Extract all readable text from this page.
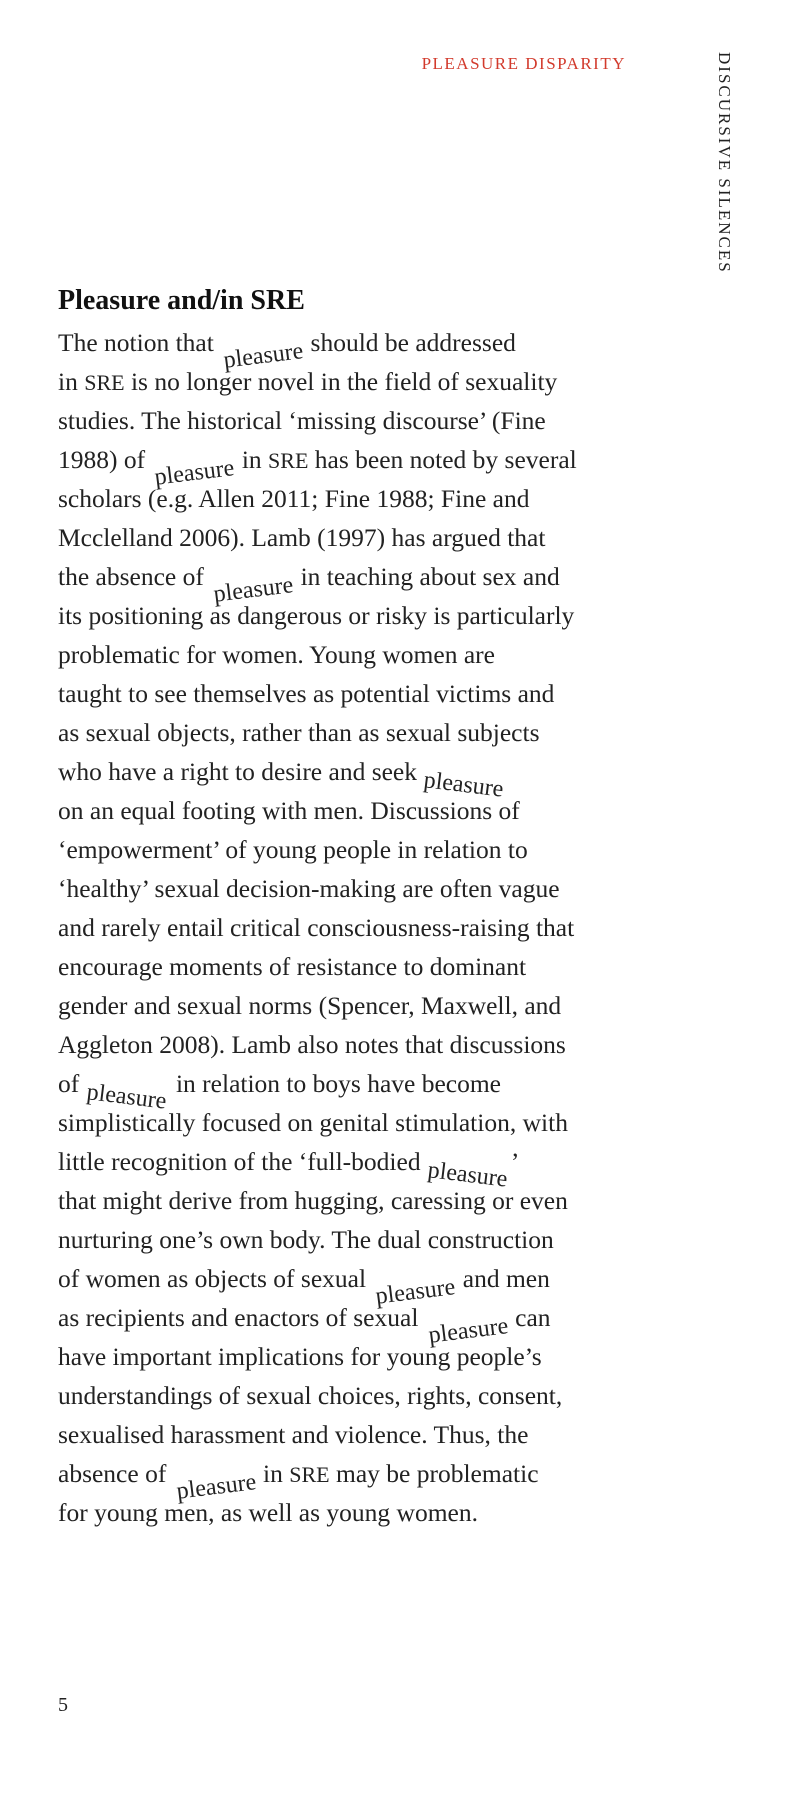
PLEASURE DISPARITY	DISCURSIVE SILENCES
Pleasure and/in SRE
The notion that pleasure should be addressed
in SRE is no longer novel in the field of sexuality
studies. The historical ‘missing discourse’ (Fine
1988) of pleasure in SRE has been noted by several
scholars (e.g. Allen 2011; Fine 1988; Fine and
Mcclelland 2006). Lamb (1997) has argued that
the absence of pleasure in teaching about sex and
its positioning as dangerous or risky is particularly
problematic for women. Young women are
taught to see themselves as potential victims and
as sexual objects, rather than as sexual subjects
who have a right to desire and seek pleasure
on an equal footing with men. Discussions of
‘empowerment’ of young people in relation to
‘healthy’ sexual decision-making are often vague
and rarely entail critical consciousness-raising that
encourage moments of resistance to dominant
gender and sexual norms (Spencer, Maxwell, and
Aggleton 2008). Lamb also notes that discussions
of pleasure in relation to boys have become
simplistically focused on genital stimulation, with
little recognition of the ‘full-bodied pleasure’
that might derive from hugging, caressing or even
nurturing one’s own body. The dual construction
of women as objects of sexual pleasure and men
as recipients and enactors of sexual pleasure can
have important implications for young people’s
understandings of sexual choices, rights, consent,
sexualised harassment and violence. Thus, the
absence of pleasure in SRE may be problematic
for young men, as well as young women.
5
